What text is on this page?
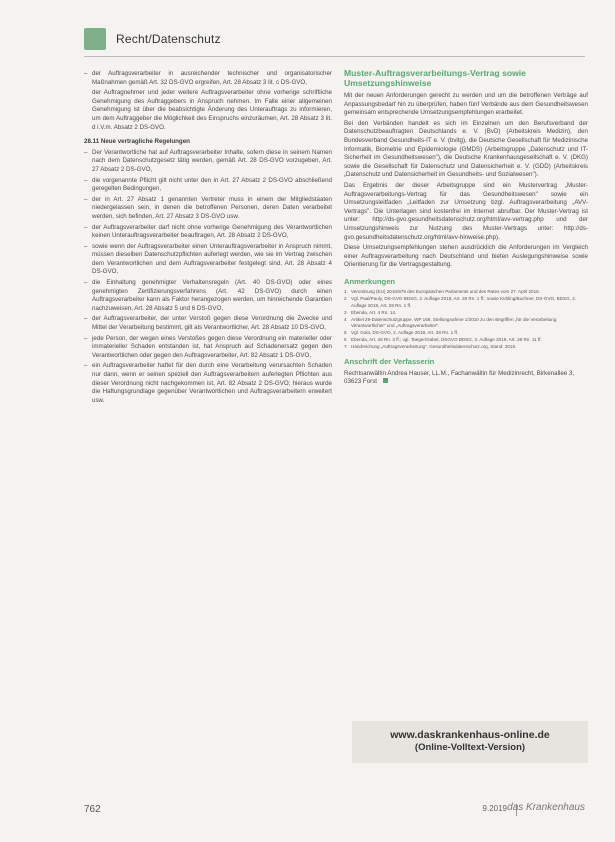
Recht/Datenschutz

– der Auftragsverarbeiter in ausreichender technischer und organisatorischer Maßnahmen gemäß Art. 32 DS-GVO ergreifen, Art. 28 Absatz 3 lit. c DS-GVO,

der Auftragnehmer und jeder weitere Auftragsverarbeiter ohne vorherige schriftliche Genehmigung des Auftraggebers in Anspruch nehmen. Im Falle einer allgemeinen Genehmigung ist über die beabsichtigte Änderung des Unterauftrags zu informieren, um dem Auftraggeber die Möglichkeit des Einspruchs einzuräumen, Art. 28 Absatz 3 lit. d i.V.m. Absatz 2 DS-GVO.

28.11 Neue vertragliche Regelungen

– Der Verantwortliche hat auf Auftragsverarbeiter Inhalte, sofern diese in seinem Namen nach dem Datenschutzgesetz tätig werden, gemäß Art. 28 DS-GVO vorzugeben, Art. 27 Absatz 2 DS-GVO,

– die vorgenannte Pflicht gilt nicht unter den in Art. 27 Absatz 2 DS-GVO abschließend geregelten Bedingungen,

– der in Art. 27 Absatz 1 genannten Vertreter muss in einem der Mitgliedstaaten niedergelassen sein, in denen die betroffenen Personen, deren Daten verarbeitet werden, sich befinden, Art. 27 Absatz 3 DS-GVO usw.

– der Auftragsverarbeiter darf nicht ohne vorherige Genehmigung des Verantwortlichen keinen Unterauftragsverarbeiter beauftragen, Art. 28 Absatz 2 DS-GVO,

– sowie wenn der Auftragsverarbeiter einen Unterauftragsverarbeiter in Anspruch nimmt, müssen dieselben Datenschutzpflichten auferlegt werden, wie sie im Vertrag zwischen dem Verantwortlichen und dem Auftragsverarbeiter festgelegt sind, Art. 28 Absatz 4 DS-GVO,

– die Einhaltung genehmigter Verhaltensregeln (Art. 40 DS-GVO) oder eines genehmigten Zertifizierungsverfahrens (Art. 42 DS-GVO) durch einen Auftragsverarbeiter kann als Faktor herangezogen werden, um hinreichende Garantien nachzuweisen, Art. 28 Absatz 5 und 6 DS-GVO,

– der Auftragsverarbeiter, der unter Verstoß gegen diese Verordnung die Zwecke und Mittel der Verarbeitung bestimmt, gilt als Verantwortlicher, Art. 28 Absatz 10 DS-GVO,

– jede Person, der wegen eines Verstoßes gegen diese Verordnung ein materieller oder immaterieller Schaden entstanden ist, hat Anspruch auf Schadenersatz gegen den Verantwortlichen oder gegen den Auftragsverarbeiter, Art. 82 Absatz 1 DS-GVO,

– ein Auftragsverarbeiter haftet für den durch eine Verarbeitung verursachten Schaden nur dann, wenn er seinen speziell den Auftragsverarbeitern auferlegten Pflichten aus dieser Verordnung nicht nachgekommen ist, Art. 82 Absatz 2 DS-GVO; hieraus wurde die Haftungsgrundlage gegenüber Verantwortlichen und Auftragsverarbeitern erweitert usw.

Muster-Auftragsverarbeitungs-Vertrag sowie Umsetzungshinweise

Mit der neuen Anforderungen gerecht zu werden und um die betroffenen Verträge auf Anpassungsbedarf hin zu überprüfen, haben fünf Verbände aus dem Gesundheitswesen gemeinsam entsprechende Umsetzungsempfehlungen erarbeitet.

Bei den Verbänden handelt es sich im Einzelnen um den Berufsverband der Datenschutzbeauftragten Deutschlands e. V. (BvD) (Arbeitskreis Medizin), den Bundesverband Gesundheits-IT e. V. (bvitg), die Deutsche Gesellschaft für Medizinische Informatik, Biometrie und Epidemiologie (GMDS) (Arbeitsgruppe „Datenschutz und IT-Sicherheit im Gesundheitswesen"), die Deutsche Krankenhausgesellschaft e. V. (DKG) sowie die Gesellschaft für Datenschutz und Datensicherheit e. V. (GDD) (Arbeitskreis „Datenschutz und Datensicherheit im Gesundheits- und Sozialwesen").

Das Ergebnis der dieser Arbeitsgruppe sind ein Mustervertrag „Muster-Auftragsverarbeitungs-Vertrag für das Gesundheitswesen" sowie ein Umsetzungsleitfaden „Leitfaden zur Umsetzung bzgl. Auftragsverarbeitung „AVV-Vertrags". Die Unterlagen sind kostenfrei im Internet abrufbar. Der Muster-Vertrag ist unter: http://ds-gvo.gesundheitsdatenschutz.org/html/avv-vertrag.php und der Umsetzungshinweis zur Nutzung des Muster-Vertrags unter: http://ds-gvo.gesundheitsdatenschutz.org/html/avv-hinweise.php).

Diese Umsetzungsempfehlungen stehen ausdrücklich die Anforderungen im Vergleich einer Auftragsverarbeitung nach Deutschland und bieten Auslegungshinweise sowie Orientierung für die Vertragsgestaltung.

Anmerkungen
1 Verordnung (EU) 2016/679 des Europäischen Parlaments und des Rates vom 27. April 2016.
2 Vgl. Paal/Pauly, DS-GVO BDSG, 2. Auflage 2018, Art. 28 Rn. 1 ff.; sowie Kühling/Buchner, DS-GVO, BDSG, 2. Auflage 2018, Art. 28 Rn. 1 ff.
3 Ebenda, Art. 4 Rn. 14.
4 Artikel 29-Datenschutzgruppe, WP 169, Stellungnahme 1/2010 zu den Begriffen „für die Verarbeitung Verantwortlicher" und „Auftragsverarbeiter".
5 Vgl. Gola, DS-GVO, 2. Auflage 2018, Art. 28 Rn. 1 ff.
6 Ebenda, Art. 28 Rn. 3 ff.; vgl. Taeger/Gabel, DSGVO BDSG, 3. Auflage 2019, Art. 28 Rn. 11 ff.
7 Handreichung „Auftragsverarbeitung", Gesundheitsdatenschutz.org, Stand: 2018.
Anschrift der Verfasserin
Rechtsanwältin Andrea Hauser, LL.M., Fachanwältin für Medizinrecht, Birkenallee 3, 03623 Forst
www.daskrankenhaus-online.de
(Online-Volltext-Version)
762	9.2019 das Krankenhaus
